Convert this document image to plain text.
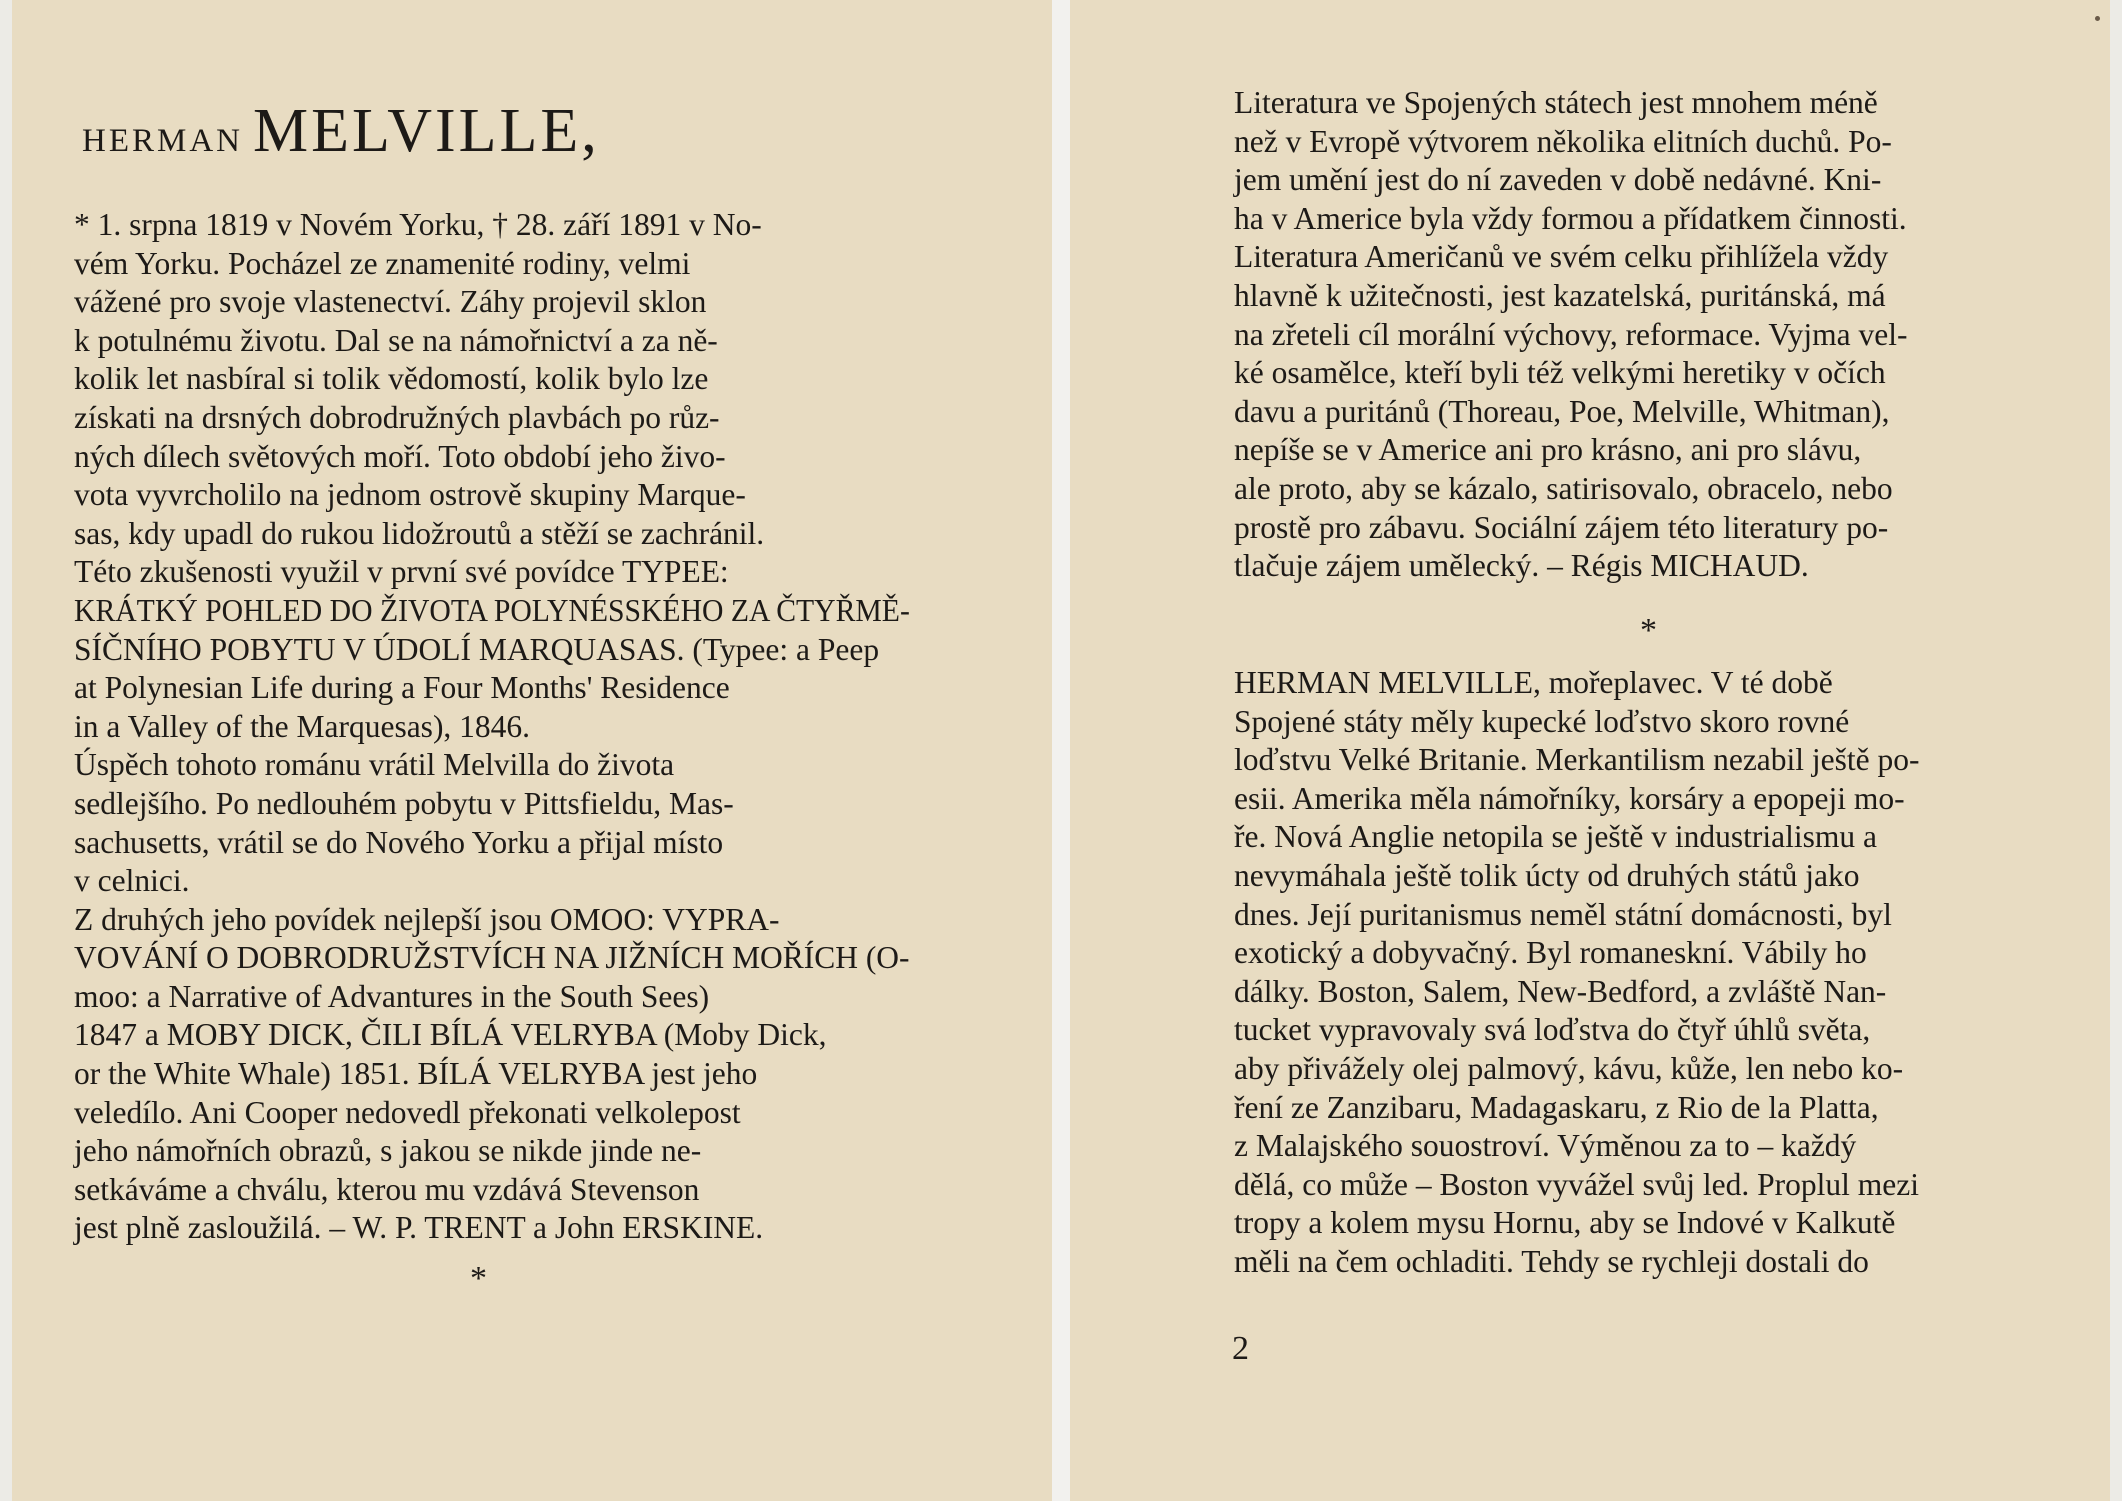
HERMAN MELVILLE,
* 1. srpna 1819 v Novém Yorku, † 28. září 1891 v No-
vém Yorku. Pocházel ze znamenité rodiny, velmi
vážené pro svoje vlastenectví. Záhy projevil sklon
k potulnému životu. Dal se na námořnictví a za ně-
kolik let nasbíral si tolik vědomostí, kolik bylo lze
získati na drsných dobrodružných plavbách po růz-
ných dílech světových moří. Toto období jeho živo-
vota vyvrcholilo na jednom ostrově skupiny Marque-
sas, kdy upadl do rukou lidožroutů a stěží se zachránil.
Této zkušenosti využil v první své povídce TYPEE:
KRÁTKÝ POHLED DO ŽIVOTA POLYNÉSSKÉHO ZA ČTYŘMĚ-
SÍČNÍHO POBYTU V ÚDOLÍ MARQUASAS. (Typee: a Peep
at Polynesian Life during a Four Months' Residence
in a Valley of the Marquesas), 1846.
Úspěch tohoto románu vrátil Melvilla do života
sedlejšího. Po nedlouhém pobytu v Pittsfieldu, Mas-
sachusetts, vrátil se do Nového Yorku a přijal místo
v celnici.
Z druhých jeho povídek nejlepší jsou OMOO: VYPRA-
VOVÁNÍ O DOBRODRUŽSTVÍCH NA JIŽNÍCH MOŘÍCH (O-
moo: a Narrative of Advantures in the South Sees)
1847 a MOBY DICK, ČILI BÍLÁ VELRYBA (Moby Dick,
or the White Whale) 1851. BÍLÁ VELRYBA jest jeho
veledílo. Ani Cooper nedovedl překonati velkolepost
jeho námořních obrazů, s jakou se nikde jinde ne-
setkáváme a chválu, kterou mu vzdává Stevenson
jest plně zasloužilá. – W. P. TRENT a John ERSKINE.
*
Literatura ve Spojených státech jest mnohem méně
než v Evropě výtvorem několika elitních duchů. Po-
jem umění jest do ní zaveden v době nedávné. Kni-
ha v Americe byla vždy formou a přídatkem činnosti.
Literatura Američanů ve svém celku přihlížela vždy
hlavně k užitečnosti, jest kazatelská, puritánská, má
na zřeteli cíl morální výchovy, reformace. Vyjma vel-
ké osamělce, kteří byli též velkými heretiky v očích
davu a puritánů (Thoreau, Poe, Melville, Whitman),
nepíše se v Americe ani pro krásno, ani pro slávu,
ale proto, aby se kázalo, satirisovalo, obracelo, nebo
prostě pro zábavu. Sociální zájem této literatury po-
tlačuje zájem umělecký. – Régis MICHAUD.
*
HERMAN MELVILLE, mořeplavec. V té době
Spojené státy měly kupecké loďstvo skoro rovné
loďstvu Velké Britanie. Merkantilism nezabil ještě po-
esii. Amerika měla námořníky, korsáry a epopeji mo-
ře. Nová Anglie netopila se ještě v industrialismu a
nevymáhala ještě tolik úcty od druhých států jako
dnes. Její puritanismus neměl státní domácnosti, byl
exotický a dobyvačný. Byl romaneskní. Vábily ho
dálky. Boston, Salem, New-Bedford, a zvláště Nan-
tucket vypravovaly svá loďstva do čtyř úhlů světa,
aby přivážely olej palmový, kávu, kůže, len nebo ko-
ření ze Zanzibaru, Madagaskaru, z Rio de la Platta,
z Malajského souostroví. Výměnou za to – každý
dělá, co může – Boston vyvážel svůj led. Proplul mezi
tropy a kolem mysu Hornu, aby se Indové v Kalkutě
měli na čem ochladiti. Tehdy se rychleji dostali do
2
